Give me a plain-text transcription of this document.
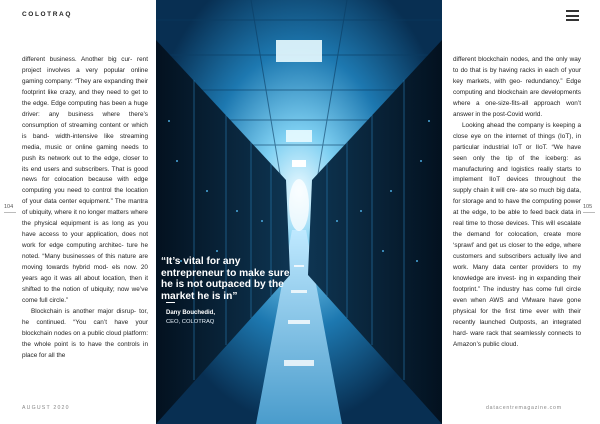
COLOTRAQ
104	105

different business. Another big cur- rent project involves a very popular online gaming company: “They are expanding their footprint like crazy, and they need to get to the edge. Edge computing has been a huge driver: any business where there’s consumption of streaming content or which is band- width-intensive like streaming media, music or online gaming needs to push its network out to the edge, closer to its end users and subscribers. That is good news for colocation because with edge computing you need to control the location of your data center equipment.” The mantra of ubiquity, where it no longer matters where the physical equipment is as long as you have access to your application, does not work for edge computing architec- ture he noted. “Many businesses of this nature are moving towards hybrid mod- els now. 20 years ago it was all about location, then it shifted to the notion of ubiquity; now we’ve come full circle.”

Blockchain is another major disrup- tor, he continued. “You can’t have your blockchain nodes on a public cloud platform: the whole point is to have the controls in place for all the

“It’s vital for any entrepreneur to make sure he is not outpaced by the market he is in”
Dany Bouchedid,
CEO, COLOTRAQ

different blockchain nodes, and the only way to do that is by having racks in each of your key markets, with geo- redundancy.” Edge computing and blockchain are developments where a one-size-fits-all approach won’t answer in the post-Covid world.

Looking ahead the company is keeping a close eye on the internet of things (IoT), in particular industrial IoT or IIoT. “We have seen only the tip of the iceberg: as manufacturing and logistics really starts to implement IIoT devices throughout the supply chain it will cre- ate so much big data, for storage and to have the computing power at the edge, to be able to feed back data in real time to those devices. This will escalate the demand for colocation, create more ‘sprawl’ and get us closer to the edge, where customers and subscribers actually live and work. Many data center providers to my knowledge are invest- ing in expanding their footprint.” The industry has come full circle even when AWS and VMware have gone physical for the first time ever with their recently launched Outposts, an integrated hard- ware rack that seamlessly connects to Amazon’s public cloud.

AUGUST 2020	datacentremagazine.com
